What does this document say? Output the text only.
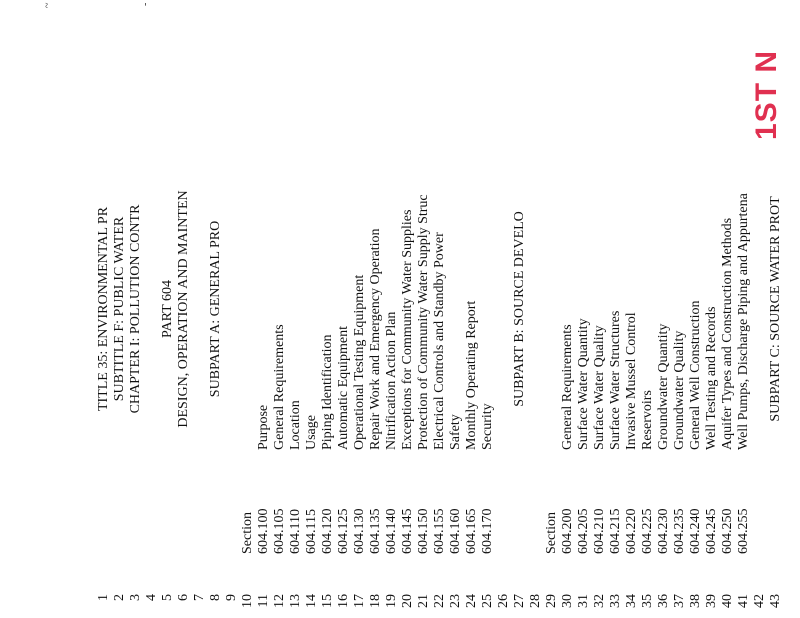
1ST N
~	-
1
TITLE 35: ENVIRONMENTAL PR
2
SUBTITLE F: PUBLIC WATER
3
CHAPTER I: POLLUTION CONTR
4 5
PART 604
6
DESIGN, OPERATION AND MAINTEN
7 8
SUBPART A: GENERAL PRO
9 10
Section
11
604.100
Purpose
12
604.105
General Requirements
13
604.110
Location
14
604.115
Usage
15
604.120
Piping Identification
16
604.125
Automatic Equipment
17
604.130
Operational Testing Equipment
18
604.135
Repair Work and Emergency Operation
19
604.140
Nitrification Action Plan
20
604.145
Exceptions for Community Water Supplies
21
604.150
Protection of Community Water Supply Struc
22
604.155
Electrical Controls and Standby Power
23
604.160
Safety
24
604.165
Monthly Operating Report
25
604.170
Security
26 27
SUBPART B: SOURCE DEVELO
28 29
Section
30
604.200
General Requirements
31
604.205
Surface Water Quantity
32
604.210
Surface Water Quality
33
604.215
Surface Water Structures
34
604.220
Invasive Mussel Control
35
604.225
Reservoirs
36
604.230
Groundwater Quantity
37
604.235
Groundwater Quality
38
604.240
General Well Construction
39
604.245
Well Testing and Records
40
604.250
Aquifer Types and Construction Methods
41
604.255
Well Pumps, Discharge Piping and Appurtena
42 43
SUBPART C: SOURCE WATER PROT
